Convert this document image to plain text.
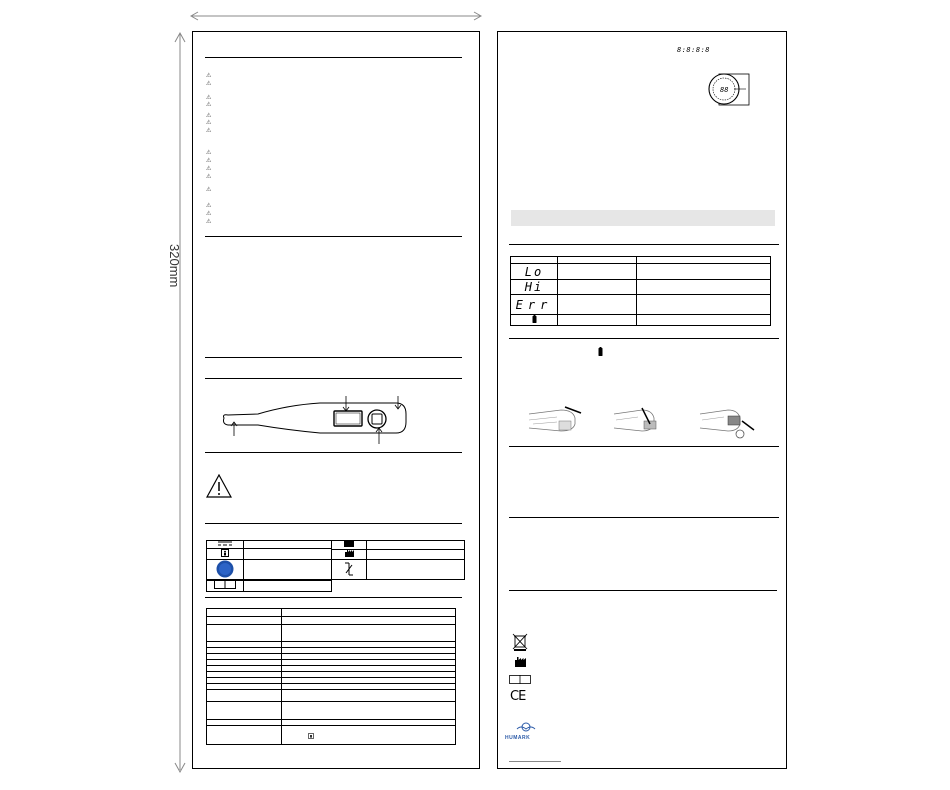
320mm
⚠
⚠
⚠
⚠
⚠
⚠
⚠
⚠
⚠
⚠
⚠
⚠
⚠
⚠
⚠

8:8:8:8
88

Lo		
Hi		
Err		

CE
HUMARK
